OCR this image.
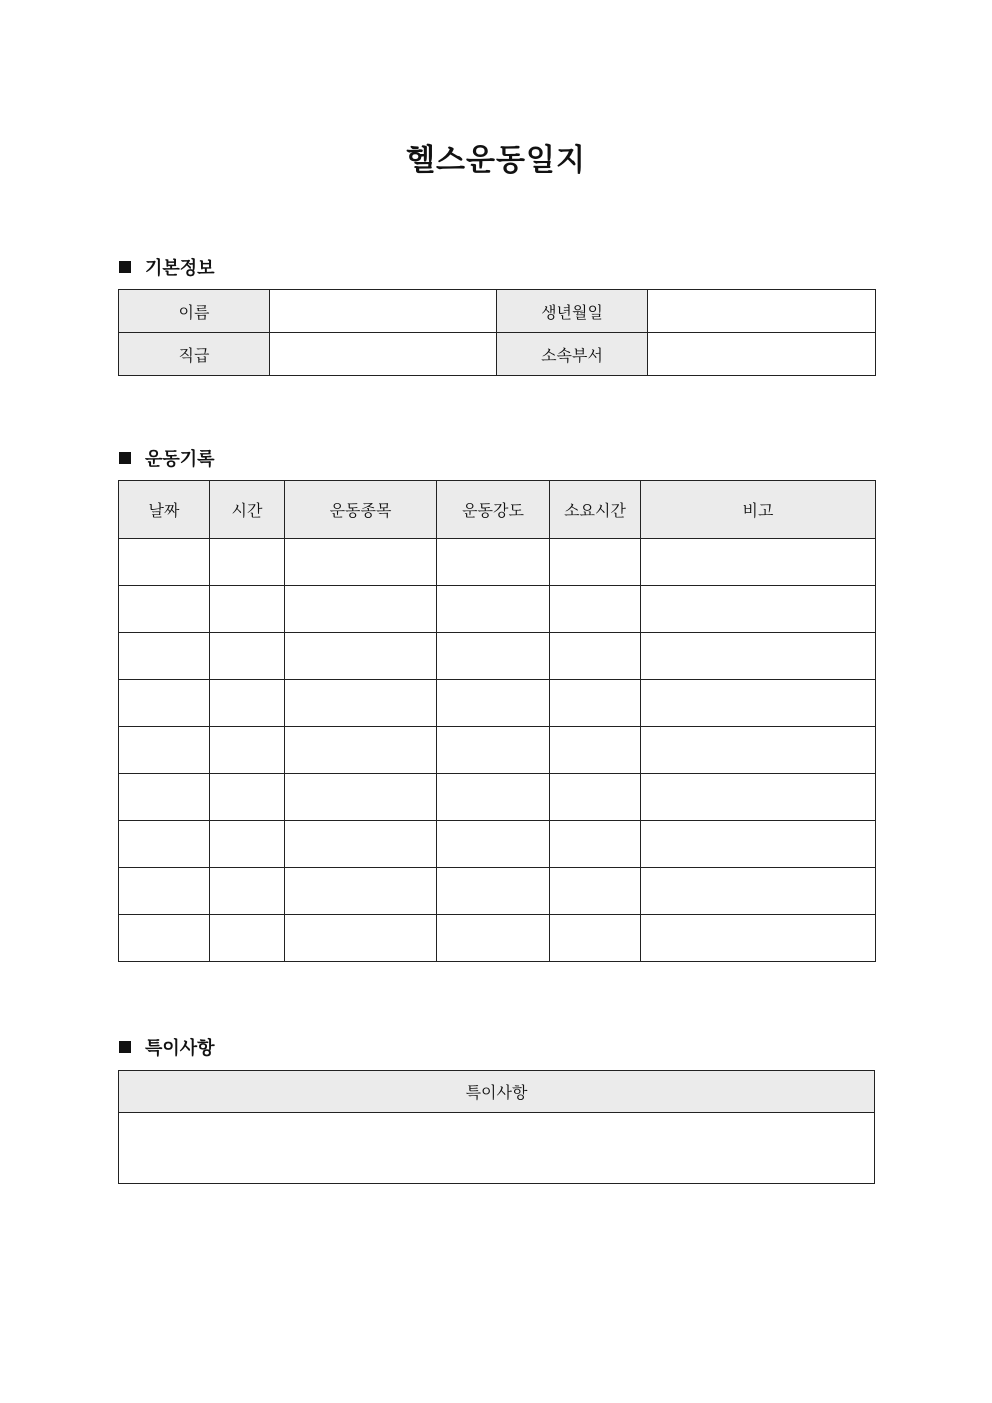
헬스운동일지
기본정보
이름		생년월일	
직급		소속부서	
운동기록
날짜	시간	운동종목	운동강도	소요시간	비고

특이사항
특이사항
